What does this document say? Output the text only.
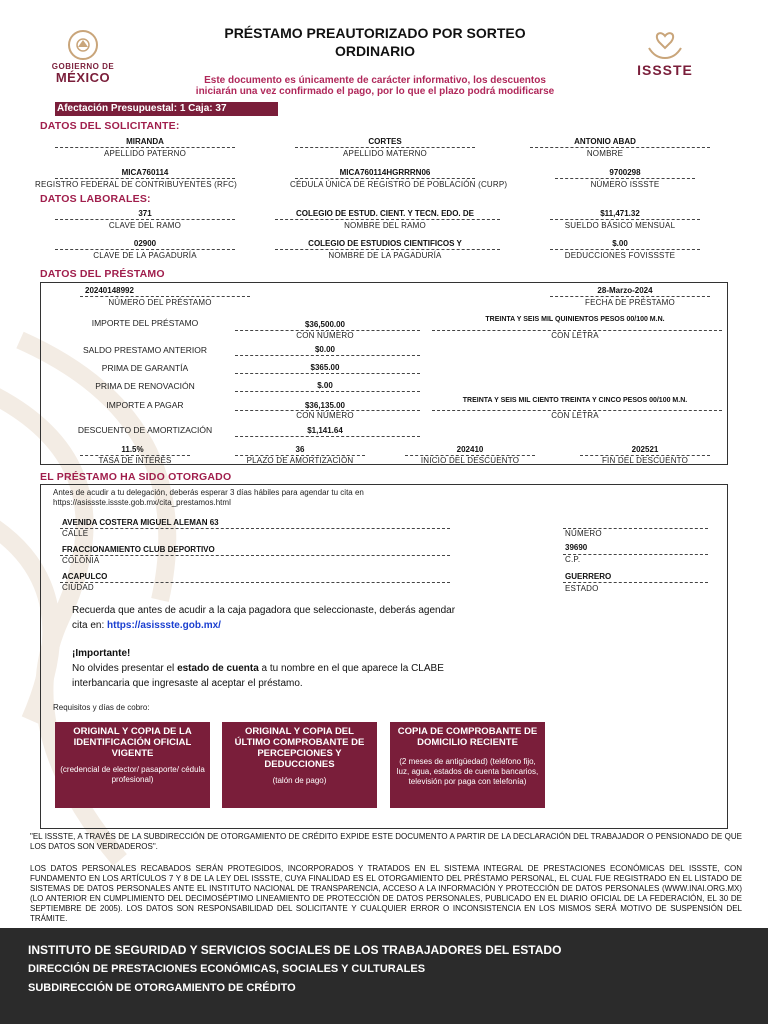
GOBIERNO DE
MÉXICO	ISSSTE
PRÉSTAMO PREAUTORIZADO POR SORTEO
ORDINARIO
Este documento es únicamente de carácter informativo, los descuentos
iniciarán una vez confirmado el pago, por lo que el plazo podrá modificarse
Afectación Presupuestal: 1 Caja: 37
DATOS DEL SOLICITANTE:
MIRANDA
APELLIDO PATERNO
CORTES
APELLIDO MATERNO
ANTONIO ABAD
NOMBRE
MICA760114
REGISTRO FEDERAL DE CONTRIBUYENTES (RFC)
MICA760114HGRRRN06
CÉDULA ÚNICA DE REGISTRO DE POBLACIÓN (CURP)
9700298
NÚMERO ISSSTE
DATOS LABORALES:
371
CLAVE DEL RAMO
COLEGIO DE ESTUD. CIENT. Y TECN. EDO. DE
NOMBRE DEL RAMO
$11,471.32
SUELDO BÁSICO MENSUAL
02900
CLAVE DE LA PAGADURÍA
COLEGIO DE ESTUDIOS CIENTIFICOS Y
NOMBRE DE LA PAGADURÍA
$.00
DEDUCCIONES FOVISSSTE
DATOS DEL PRÉSTAMO
20240148992
NÚMERO DEL PRÉSTAMO
28-Marzo-2024
FECHA DE PRÉSTAMO
IMPORTE DEL PRÉSTAMO	$36,500.00
CON NÚMERO
TREINTA Y SEIS MIL QUINIENTOS PESOS 00/100 M.N.
CON LETRA
SALDO PRESTAMO ANTERIOR	$0.00
PRIMA DE GARANTÍA	$365.00
PRIMA DE RENOVACIÓN	$.00
IMPORTE A PAGAR	$36,135.00
CON NÚMERO
TREINTA Y SEIS MIL CIENTO TREINTA Y CINCO PESOS 00/100 M.N.
CON LETRA
DESCUENTO DE AMORTIZACIÓN	$1,141.64
11.5%
TASA DE INTERÉS
36
PLAZO DE AMORTIZACIÓN
202410
INICIO DEL DESCUENTO
202521
FIN DEL DESCUENTO
EL PRÉSTAMO HA SIDO OTORGADO
Antes de acudir a tu delegación, deberás esperar 3 días hábiles para agendar tu cita en
https://asissste.issste.gob.mx/cita_prestamos.html
AVENIDA COSTERA MIGUEL ALEMAN 63
CALLE	NÚMERO
FRACCIONAMIENTO CLUB DEPORTIVO
COLONIA
39690
C.P.
ACAPULCO
CIUDAD
GUERRERO
ESTADO
Recuerda que antes de acudir a la caja pagadora que seleccionaste, deberás agendar
cita en: https://asissste.gob.mx/
¡Importante!
No olvides presentar el estado de cuenta a tu nombre en el que aparece la CLABE
interbancaria que ingresaste al aceptar el préstamo.
Requisitos y días de cobro:
ORIGINAL Y COPIA DE LA IDENTIFICACIÓN OFICIAL VIGENTE
(credencial de elector/ pasaporte/ cédula profesional)
ORIGINAL Y COPIA DEL ÚLTIMO COMPROBANTE DE PERCEPCIONES Y DEDUCCIONES
(talón de pago)
COPIA DE COMPROBANTE DE DOMICILIO RECIENTE
(2 meses de antigüedad) (teléfono fijo, luz, agua, estados de cuenta bancarios, televisión por paga con telefonía)
"EL ISSSTE, A TRAVÉS DE LA SUBDIRECCIÓN DE OTORGAMIENTO DE CRÉDITO EXPIDE ESTE DOCUMENTO A PARTIR DE LA DECLARACIÓN DEL TRABAJADOR O PENSIONADO DE QUE LOS DATOS SON VERDADEROS".
LOS DATOS PERSONALES RECABADOS SERÁN PROTEGIDOS, INCORPORADOS Y TRATADOS EN EL SISTEMA INTEGRAL DE PRESTACIONES ECONÓMICAS DEL ISSSTE, CON FUNDAMENTO EN LOS ARTÍCULOS 7 Y 8 DE LA LEY DEL ISSSTE, CUYA FINALIDAD ES EL OTORGAMIENTO DEL PRÉSTAMO PERSONAL, EL CUAL FUE REGISTRADO EN EL LISTADO DE SISTEMAS DE DATOS PERSONALES ANTE EL INSTITUTO NACIONAL DE TRANSPARENCIA, ACCESO A LA INFORMACIÓN Y PROTECCIÓN DE DATOS PERSONALES (WWW.INAI.ORG.MX) (LO ANTERIOR EN CUMPLIMIENTO DEL DECIMOSÉPTIMO LINEAMIENTO DE PROTECCIÓN DE DATOS PERSONALES, PUBLICADO EN EL DIARIO OFICIAL DE LA FEDERACIÓN, EL 30 DE SEPTIEMBRE DE 2005). LOS DATOS SON RESPONSABILIDAD DEL SOLICITANTE Y CUALQUIER ERROR O INCONSISTENCIA EN LOS MISMOS SERÁ MOTIVO DE SUSPENSIÓN DEL TRÁMITE.
INSTITUTO DE SEGURIDAD Y SERVICIOS SOCIALES DE LOS TRABAJADORES DEL ESTADO
DIRECCIÓN DE PRESTACIONES ECONÓMICAS, SOCIALES Y CULTURALES
SUBDIRECCIÓN DE OTORGAMIENTO DE CRÉDITO
